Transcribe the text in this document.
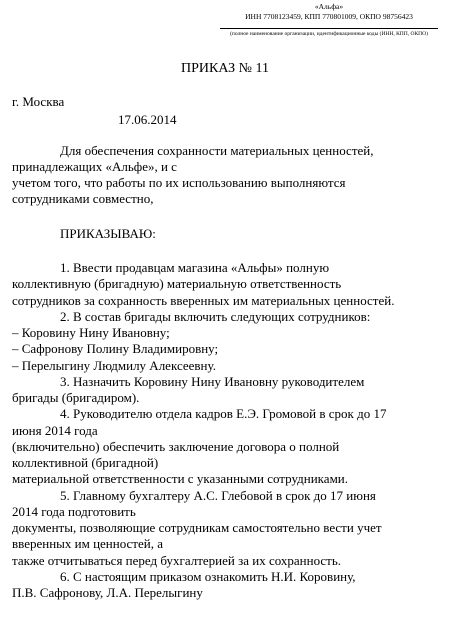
«Альфа»
ИНН 7708123459, КПП 770801009, ОКПО 98756423
(полное наименование организации, идентификационные коды (ИНН, КПП, ОКПО)
ПРИКАЗ № 11
г. Москва
17.06.2014
Для обеспечения сохранности материальных ценностей,
принадлежащих «Альфе», и с
учетом того, что работы по их использованию выполняются
сотрудниками совместно,
ПРИКАЗЫВАЮ:
1. Ввести продавцам магазина «Альфы» полную
коллективную (бригадную) материальную ответственность
сотрудников за сохранность вверенных им материальных ценностей.
2. В состав бригады включить следующих сотрудников:
– Коровину Нину Ивановну;
– Сафронову Полину Владимировну;
– Перелыгину Людмилу Алексеевну.
3. Назначить Коровину Нину Ивановну руководителем
бригады (бригадиром).
4. Руководителю отдела кадров Е.Э. Громовой в срок до 17
июня 2014 года
(включительно) обеспечить заключение договора о полной
коллективной (бригадной)
материальной ответственности с указанными сотрудниками.
5. Главному бухгалтеру А.С. Глебовой в срок до 17 июня
2014 года подготовить
документы, позволяющие сотрудникам самостоятельно вести учет
вверенных им ценностей, а
также отчитываться перед бухгалтерией за их сохранность.
6. С настоящим приказом ознакомить Н.И. Коровину,
П.В. Сафронову, Л.А. Перелыгину
